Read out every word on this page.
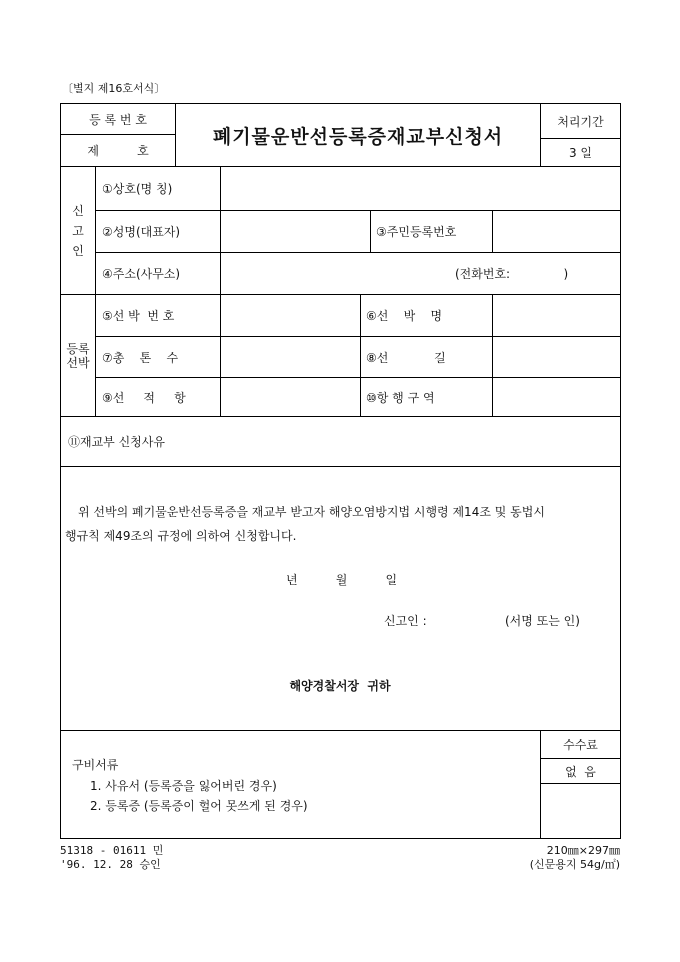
〔별지 제16호서식〕
등 록 번 호
제          호
폐기물운반선등록증재교부신청서
처리기간
3 일
신
고
인
①상호(명 칭)
②성명(대표자)	③주민등록번호
④주소(사무소)	(전화번호:              )
등록
선박
⑤선 박  번 호	⑥선    박    명
⑦총    톤    수	⑧선            길
⑨선     적     항	⑩항 행 구 역
⑪재교부 신청사유
위 선박의 폐기물운반선등록증을 재교부 받고자 해양오염방지법 시행령 제14조 및 동법시
행규칙 제49조의 규정에 의하여 신청합니다.
년          월          일
신고인 :	(서명 또는 인)
해양경찰서장  귀하
구비서류
1. 사유서 (등록증을 잃어버린 경우)
2. 등록증 (등록증이 헐어 못쓰게 된 경우)
수수료
없  음
51318 - 01611 민
'96. 12. 28 승인
210㎜×297㎜
(신문용지 54g/㎡)
